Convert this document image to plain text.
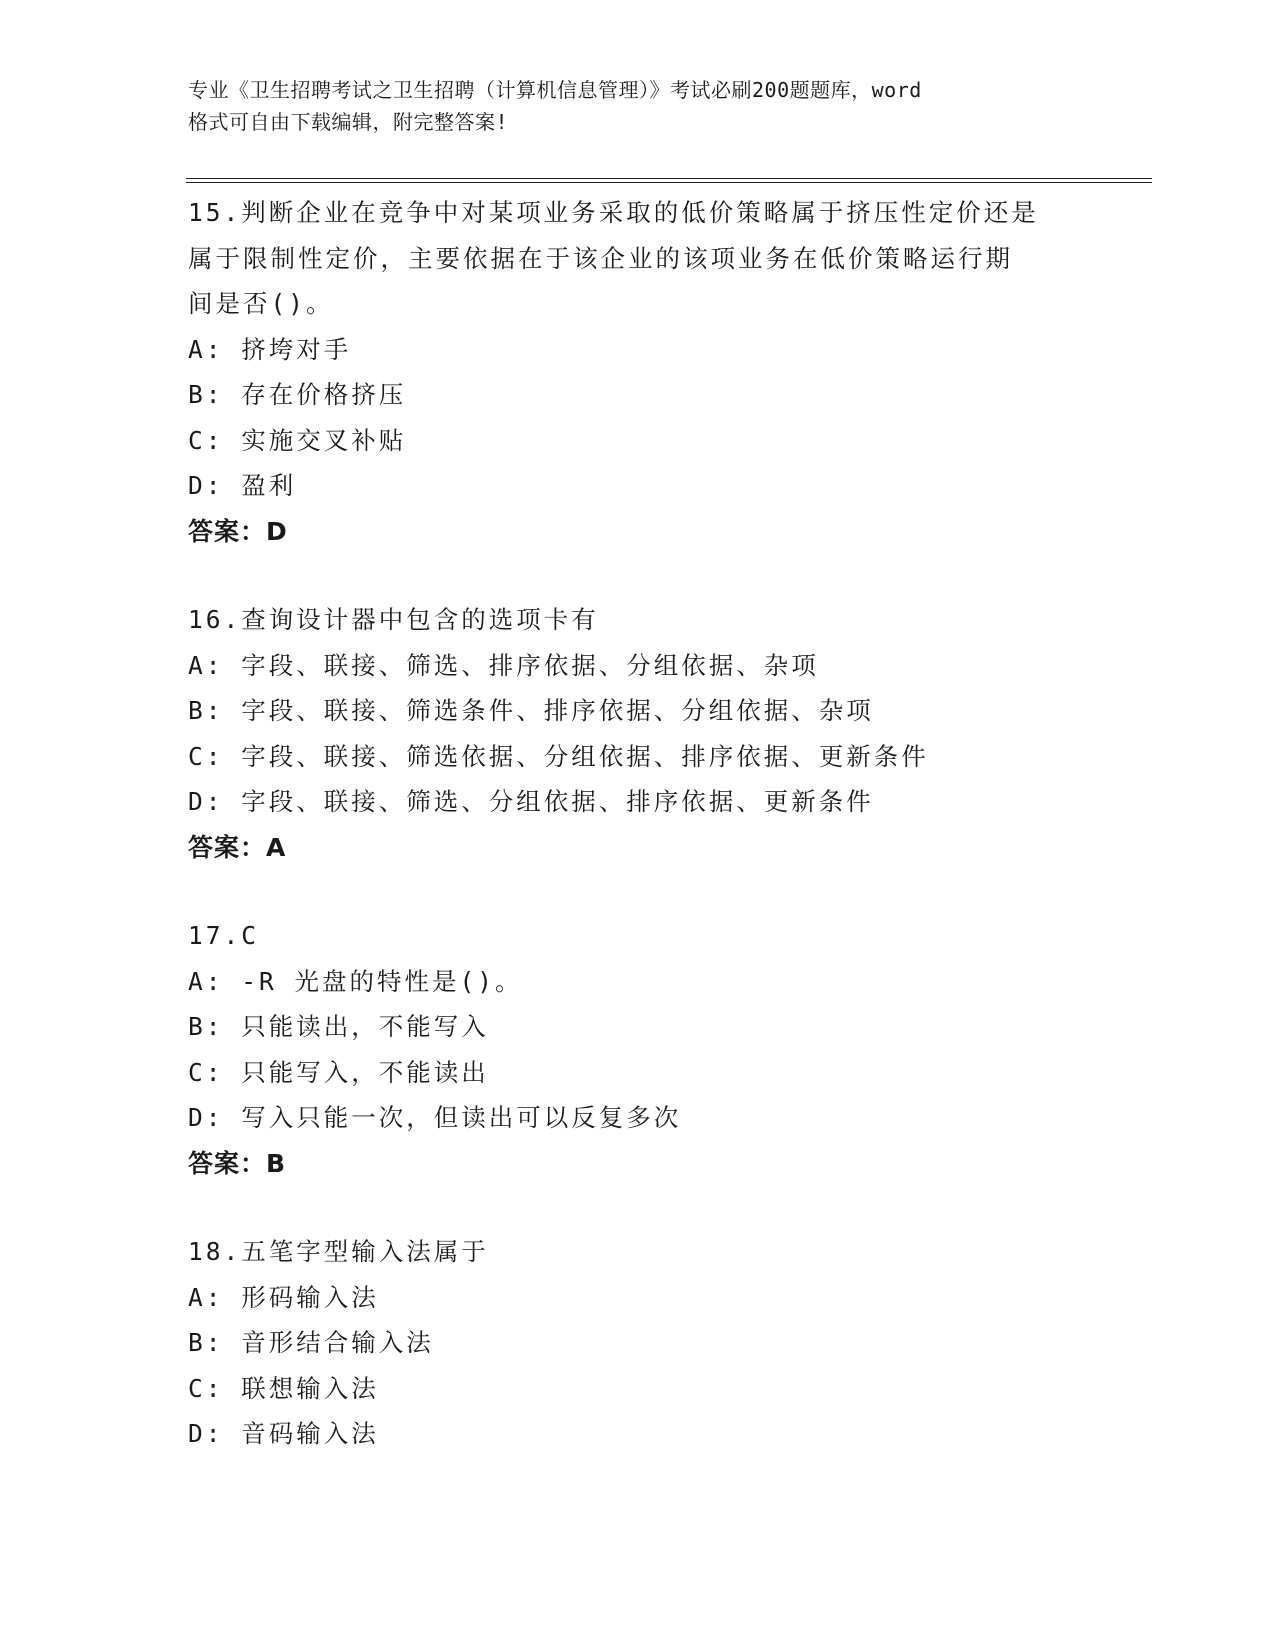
专业《卫生招聘考试之卫生招聘（计算机信息管理）》考试必刷200题题库，word
格式可自由下载编辑，附完整答案!
15.判断企业在竞争中对某项业务采取的低价策略属于挤压性定价还是
属于限制性定价，主要依据在于该企业的该项业务在低价策略运行期
间是否()。
A: 挤垮对手
B: 存在价格挤压
C: 实施交叉补贴
D: 盈利
答案：D
16.查询设计器中包含的选项卡有
A: 字段、联接、筛选、排序依据、分组依据、杂项
B: 字段、联接、筛选条件、排序依据、分组依据、杂项
C: 字段、联接、筛选依据、分组依据、排序依据、更新条件
D: 字段、联接、筛选、分组依据、排序依据、更新条件
答案：A
17.C
A: -R 光盘的特性是()。
B: 只能读出，不能写入
C: 只能写入，不能读出
D: 写入只能一次，但读出可以反复多次
答案：B
18.五笔字型输入法属于
A: 形码输入法
B: 音形结合输入法
C: 联想输入法
D: 音码输入法
